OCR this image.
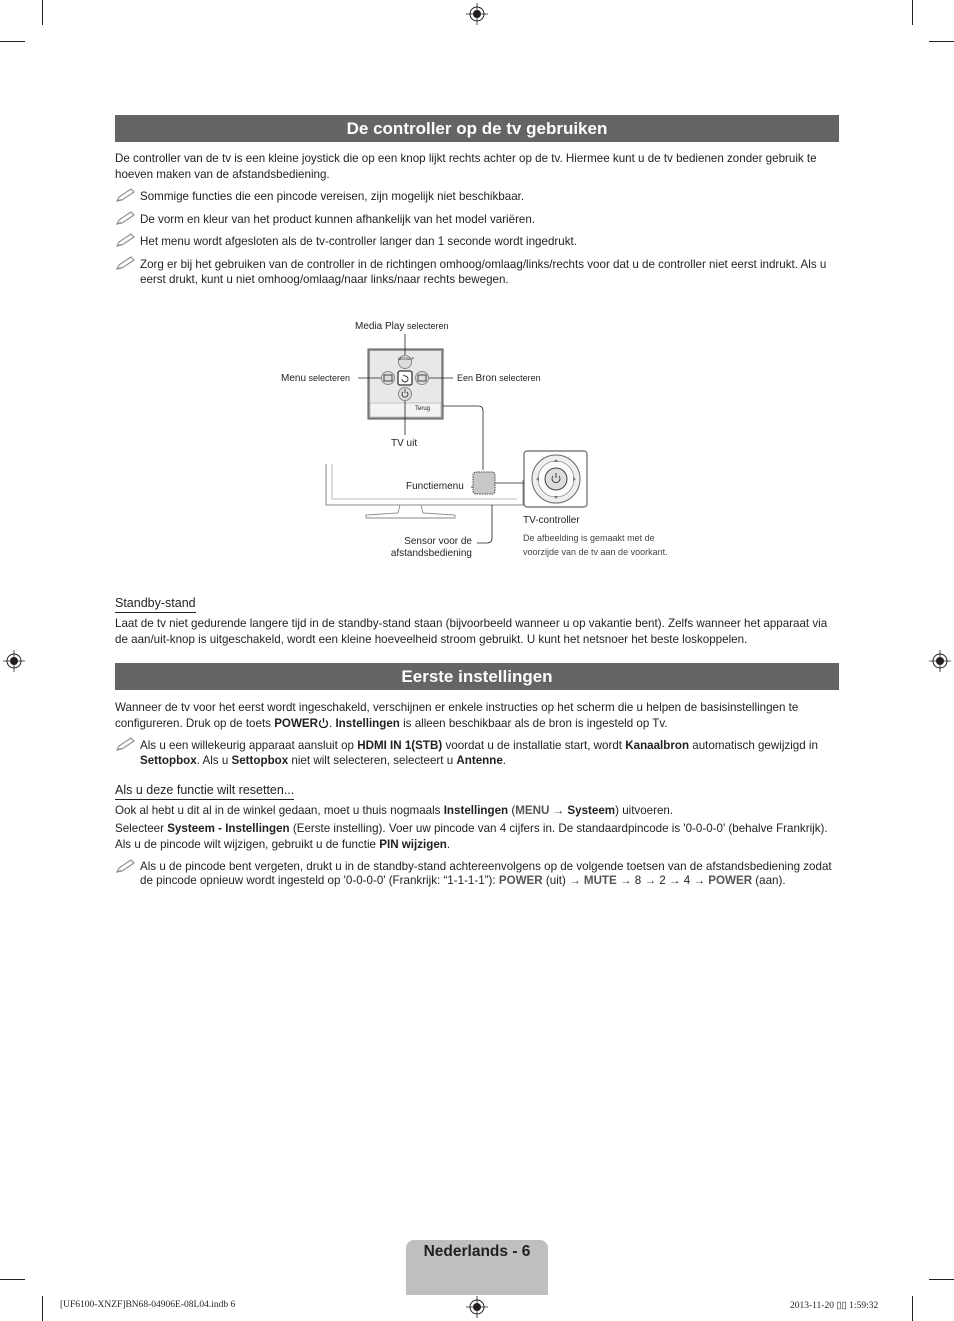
De controller op de tv gebruiken
De controller van de tv is een kleine joystick die op een knop lijkt rechts achter op de tv. Hiermee kunt u de tv bedienen zonder gebruik te hoeven maken van de afstandsbediening.
Sommige functies die een pincode vereisen, zijn mogelijk niet beschikbaar.
De vorm en kleur van het product kunnen afhankelijk van het model variëren.
Het menu wordt afgesloten als de tv-controller langer dan 1 seconde wordt ingedrukt.
Zorg er bij het gebruiken van de controller in de richtingen omhoog/omlaag/links/rechts voor dat u de controller niet eerst indrukt. Als u eerst drukt, kunt u niet omhoog/omlaag/naar links/naar rechts bewegen.
Media Play selecteren
Menu selecteren	Een Bron selecteren
TV uit
Functiemenu
Sensor voor de
afstandsbediening
TV-controller
De afbeelding is gemaakt met de
voorzijde van de tv aan de voorkant.
MEDIA P
Terug
Standby-stand
Laat de tv niet gedurende langere tijd in de standby-stand staan (bijvoorbeeld wanneer u op vakantie bent). Zelfs wanneer het apparaat via de aan/uit-knop is uitgeschakeld, wordt een kleine hoeveelheid stroom gebruikt. U kunt het netsnoer het beste loskoppelen.
Eerste instellingen
Wanneer de tv voor het eerst wordt ingeschakeld, verschijnen er enkele instructies op het scherm die u helpen de basisinstellingen te configureren. Druk op de toets POWER . Instellingen is alleen beschikbaar als de bron is ingesteld op Tv.
Als u een willekeurig apparaat aansluit op HDMI IN 1(STB) voordat u de installatie start, wordt Kanaalbron automatisch gewijzigd in Settopbox. Als u Settopbox niet wilt selecteren, selecteert u Antenne.
Als u deze functie wilt resetten...
Ook al hebt u dit al in de winkel gedaan, moet u thuis nogmaals Instellingen (MENU → Systeem) uitvoeren.
Selecteer Systeem - Instellingen (Eerste instelling). Voer uw pincode van 4 cijfers in. De standaardpincode is '0-0-0-0' (behalve Frankrijk). Als u de pincode wilt wijzigen, gebruikt u de functie PIN wijzigen.
Als u de pincode bent vergeten, drukt u in de standby-stand achtereenvolgens op de volgende toetsen van de afstandsbediening zodat de pincode opnieuw wordt ingesteld op '0-0-0-0' (Frankrijk: “1-1-1-1”): POWER (uit) → MUTE → 8 → 2 → 4 → POWER (aan).
Nederlands - 6
[UF6100-XNZF]BN68-04906E-08L04.indb 6	2013-11-20 ▯▯ 1:59:32
